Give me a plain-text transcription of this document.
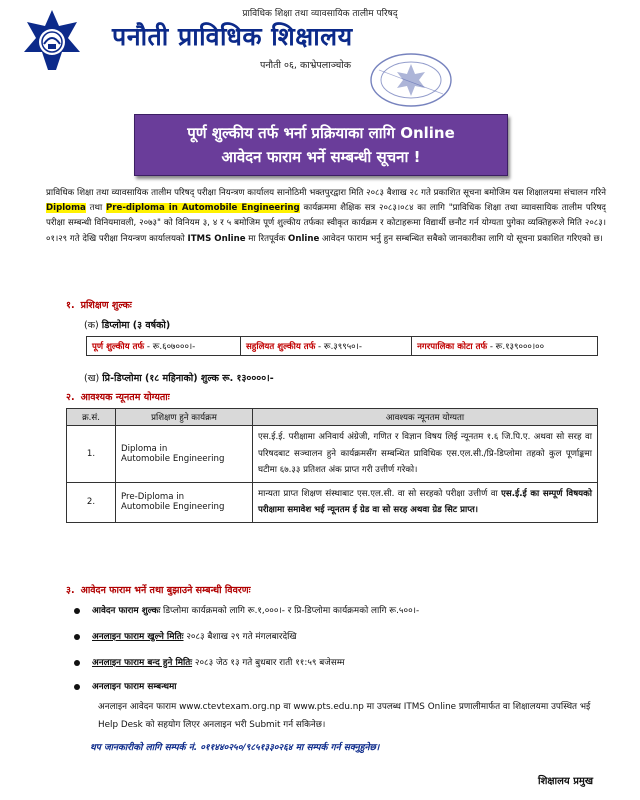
प्राविधिक शिक्षा तथा व्यावसायिक तालीम परिषद्
पनौती प्राविधिक शिक्षालय
पनौती ०६, काभ्रेपलाञ्चोक
पूर्ण शुल्कीय तर्फ भर्ना प्रक्रियाका लागि Online
आवेदन फाराम भर्ने सम्बन्धी सूचना !
प्राविधिक शिक्षा तथा व्यावसायिक तालीम परिषद् परीक्षा नियन्त्रण कार्यालय सानोठिमी भक्तपुरद्वारा मिति २०८३ बैशाख २८ गते प्रकाशित सूचना बमोजिम यस शिक्षालयमा संचालन गरिने Diploma तथा Pre-diploma in Automobile Engineering कार्यक्रममा शैक्षिक सत्र २०८३।०८४ का लागि "प्राविधिक शिक्षा तथा व्यावसायिक तालीम परिषद् परीक्षा सम्बन्धी विनियमावली, २०७३" को विनियम ३, ४ र ५ बमोजिम पूर्ण शुल्कीय तर्फका स्वीकृत कार्यक्रम र कोटाहरूमा विद्यार्थी छनौट गर्न योग्यता पुगेका व्यक्तिहरूले मिति २०८३।०१।२९ गते देखि परीक्षा नियन्त्रण कार्यालयको ITMS Online मा रितपूर्वक Online आवेदन फाराम भर्नु हुन सम्बन्धित सबैको जानकारीका लागि यो सूचना प्रकाशित गरिएको छ।
१. प्रशिक्षण शुल्कः
(क) डिप्लोमा (३ वर्षको)
पूर्ण शुल्कीय तर्फ - रू.६०७०००।-	सहुलियत शुल्कीय तर्फ - रू.३९९५०।-	नगरपालिका कोटा तर्फ - रू.१३९०००।००
(ख) प्रि-डिप्लोमा (१८ महिनाको) शुल्क रू. १३००००।-
२. आवश्यक न्यूनतम योग्यताः
क्र.सं.	प्रशिक्षण हुने कार्यक्रम	आवश्यक न्यूनतम योग्यता
1.	Diploma in
Automobile Engineering	एस.ई.ई. परीक्षामा अनिवार्य अंग्रेजी, गणित र विज्ञान विषय लिई न्यूनतम १.६ जि.पि.ए. अथवा सो सरह वा परिषदबाट सञ्चालन हुने कार्यक्रमसँग सम्बन्धित प्राविधिक एस.एल.सी./प्रि-डिप्लोमा तहको कुल पूर्णाङ्कमा घटीमा ६७.३३ प्रतिशत अंक प्राप्त गरी उत्तीर्ण गरेको।
2.	Pre-Diploma in
Automobile Engineering	मान्यता प्राप्त शिक्षण संस्थाबाट एस.एल.सी. वा सो सरहको परीक्षा उत्तीर्ण वा एस.ई.ई का सम्पूर्ण विषयको परीक्षामा समावेश भई न्यूनतम ई ग्रेड वा सो सरह अथवा ग्रेड सिट प्राप्त।
३. आवेदन फाराम भर्ने तथा बुझाउने सम्बन्धी विवरणः
आवेदन फाराम शुल्कः डिप्लोमा कार्यक्रमको लागि रू.१,०००।- र प्रि-डिप्लोमा कार्यक्रमको लागि रू.५००।-
अनलाइन फाराम खुल्ने मितिः २०८३ बैशाख २९ गते मंगलबारदेखि
अनलाइन फाराम बन्द हुने मितिः २०८३ जेठ १३ गते बुधबार राती ११:५९ बजेसम्म
अनलाइन फाराम सम्बन्धमा
अनलाइन आवेदन फाराम www.ctevtexam.org.np वा www.pts.edu.np मा उपलब्ध ITMS Online प्रणालीमार्फत वा शिक्षालयमा उपस्थित भई Help Desk को सहयोग लिएर अनलाइन भरी Submit गर्न सकिनेछ।
थप जानकारीको लागि सम्पर्क नं. ०११४४०२५०/९८५१३३०२६४ मा सम्पर्क गर्न सक्नुहुनेछ।
शिक्षालय प्रमुख
